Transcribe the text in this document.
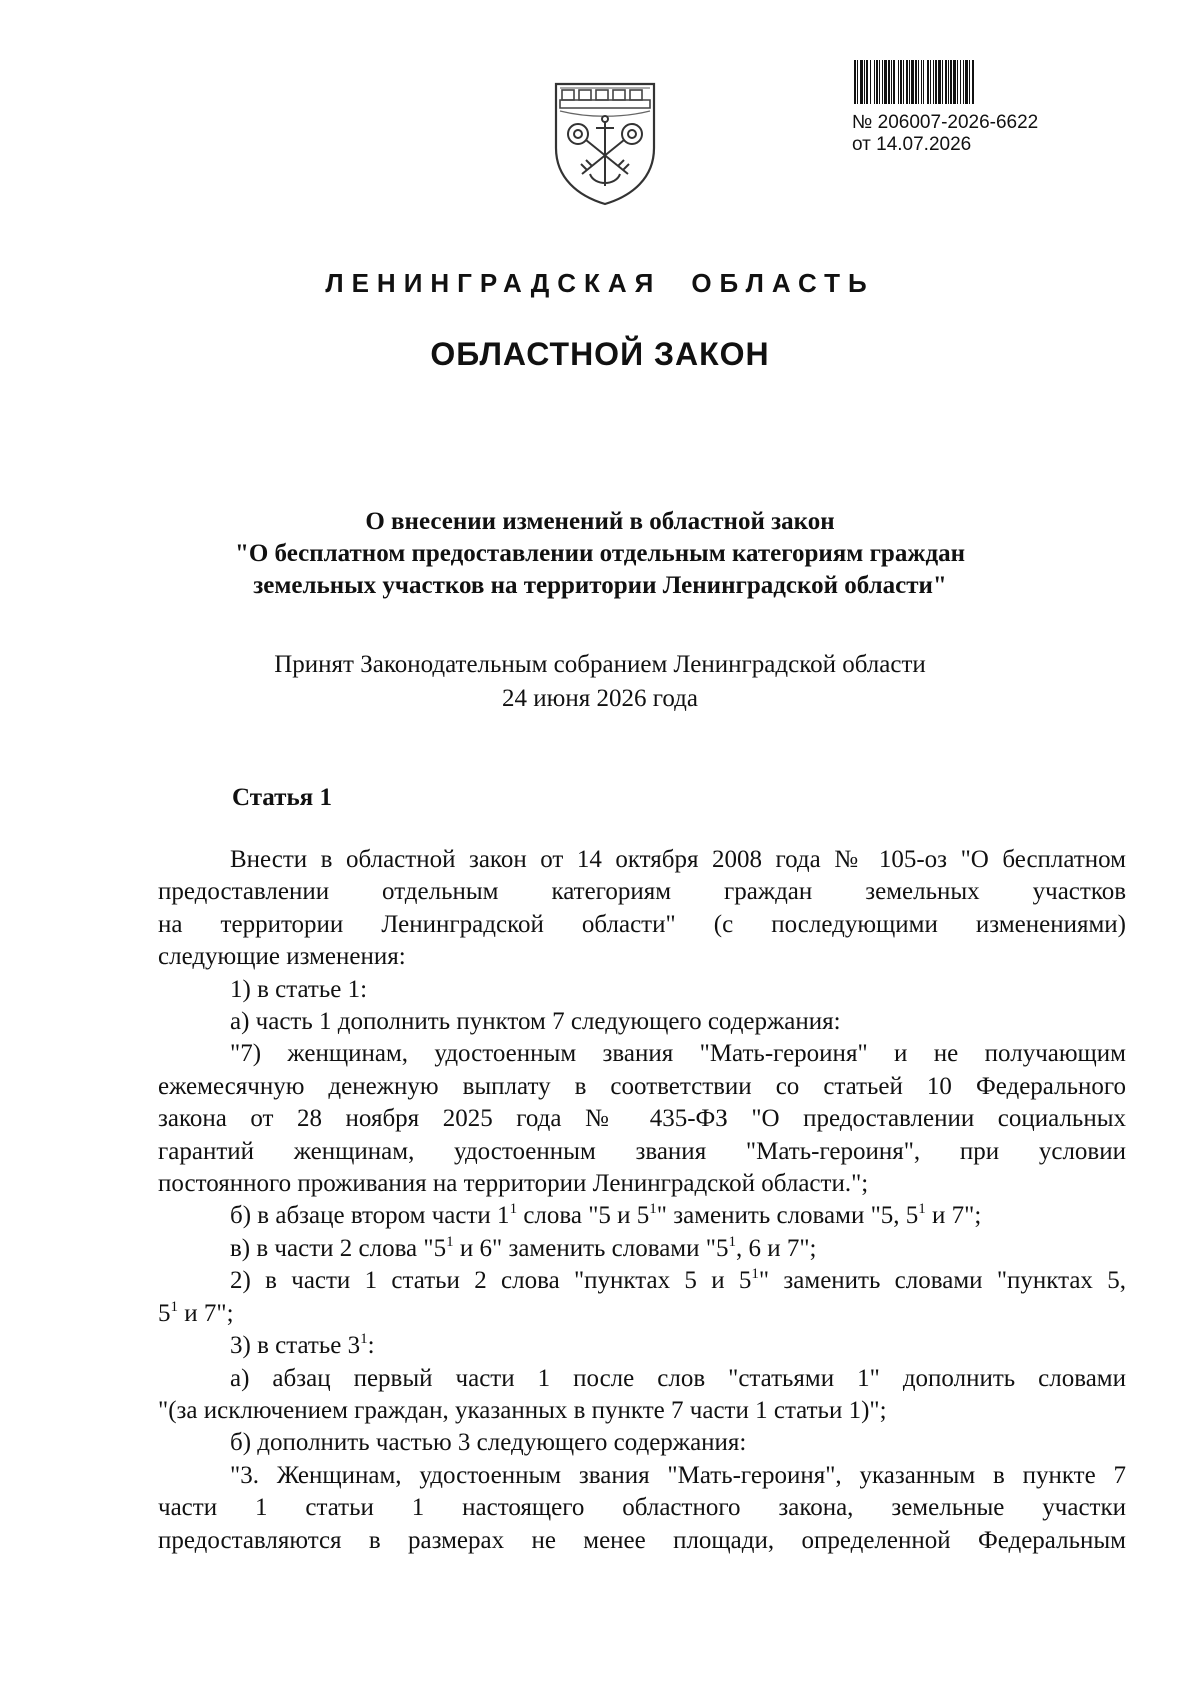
№ 206007-2026-6622
от 14.07.2026
ЛЕНИНГРАДСКАЯ ОБЛАСТЬ
ОБЛАСТНОЙ ЗАКОН
О внесении изменений в областной закон
"О бесплатном предоставлении отдельным категориям граждан
земельных участков на территории Ленинградской области"
Принят Законодательным собранием Ленинградской области
24 июня 2026 года
Статья 1

Внести в областной закон от 14 октября 2008 года № 105-оз "О бесплатном

предоставлении отдельным категориям граждан земельных участков

на территории Ленинградской области" (с последующими изменениями)

следующие изменения:

1) в статье 1:

а) часть 1 дополнить пунктом 7 следующего содержания:

"7) женщинам, удостоенным звания "Мать-героиня" и не получающим

ежемесячную денежную выплату в соответствии со статьей 10 Федерального

закона от 28 ноября 2025 года № 435-ФЗ "О предоставлении социальных

гарантий женщинам, удостоенным звания "Мать-героиня", при условии

постоянного проживания на территории Ленинградской области.";

б) в абзаце втором части $1^1$ слова "5 и $5^1$" заменить словами "5, $5^1$ и 7";

в) в части 2 слова "$5^1$ и 6" заменить словами "$5^1$, 6 и 7";

2) в части 1 статьи 2 слова "пунктах 5 и $5^1$" заменить словами "пунктах 5,

$5^1$ и 7";

3) в статье $3^1$:

а) абзац первый части 1 после слов "статьями 1" дополнить словами

"(за исключением граждан, указанных в пункте 7 части 1 статьи 1)";

б) дополнить частью 3 следующего содержания:

"3. Женщинам, удостоенным звания "Мать-героиня", указанным в пункте 7

части 1 статьи 1 настоящего областного закона, земельные участки

предоставляются в размерах не менее площади, определенной Федеральным
